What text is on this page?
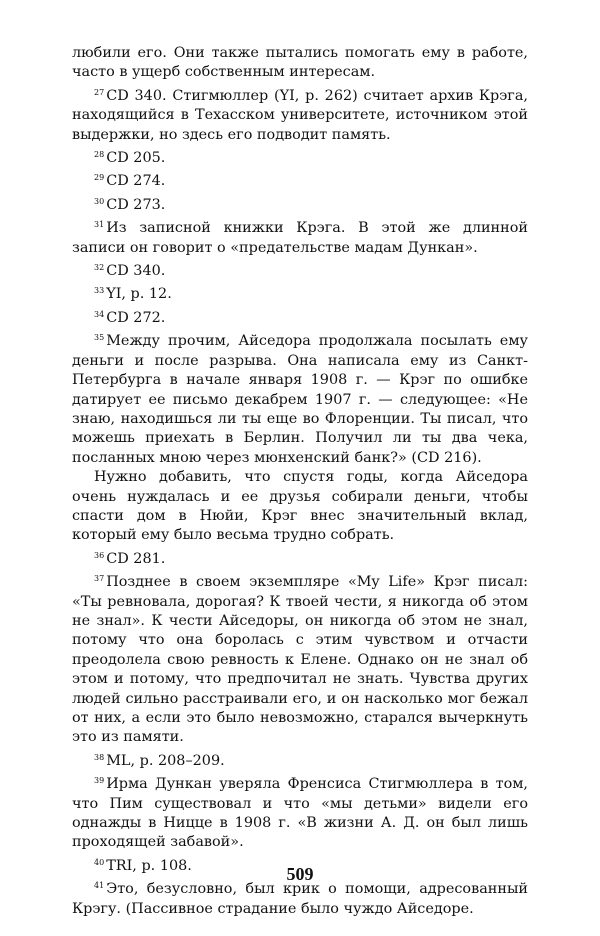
любили его. Они также пытались помогать ему в работе, часто в ущерб собственным интересам.

$^{27}$ CD 340. Стигмюллер (YI, p. 262) считает архив Крэга, находящийся в Техасском университете, источником этой выдержки, но здесь его подводит память.

$^{28}$ CD 205.

$^{29}$ CD 274.

$^{30}$ CD 273.

$^{31}$ Из записной книжки Крэга. В этой же длинной записи он говорит о «предательстве мадам Дункан».

$^{32}$ CD 340.

$^{33}$ YI, p. 12.

$^{34}$ CD 272.

$^{35}$ Между прочим, Айседора продолжала посылать ему деньги и после разрыва. Она написала ему из Санкт-Петербурга в начале января 1908 г. — Крэг по ошибке датирует ее письмо декабрем 1907 г. — следующее: «Не знаю, находишься ли ты еще во Флоренции. Ты писал, что можешь приехать в Берлин. Получил ли ты два чека, посланных мною через мюнхенский банк?» (CD 216).

Нужно добавить, что спустя годы, когда Айседора очень нуждалась и ее друзья собирали деньги, чтобы спасти дом в Нюйи, Крэг внес значительный вклад, который ему было весьма трудно собрать.

$^{36}$ CD 281.

$^{37}$ Позднее в своем экземпляре «My Life» Крэг писал: «Ты ревновала, дорогая? К твоей чести, я никогда об этом не знал». К чести Айседоры, он никогда об этом не знал, потому что она боролась с этим чувством и отчасти преодолела свою ревность к Елене. Однако он не знал об этом и потому, что предпочитал не знать. Чувства других людей сильно расстраивали его, и он насколько мог бежал от них, а если это было невозможно, старался вычеркнуть это из памяти.

$^{38}$ ML, p. 208–209.

$^{39}$ Ирма Дункан уверяла Френсиса Стигмюллера в том, что Пим существовал и что «мы детьми» видели его однажды в Ницце в 1908 г. «В жизни А. Д. он был лишь проходящей забавой».

$^{40}$ TRI, p. 108.

$^{41}$ Это, безусловно, был крик о помощи, адресованный Крэгу. (Пассивное страдание было чуждо Айседоре.

509
